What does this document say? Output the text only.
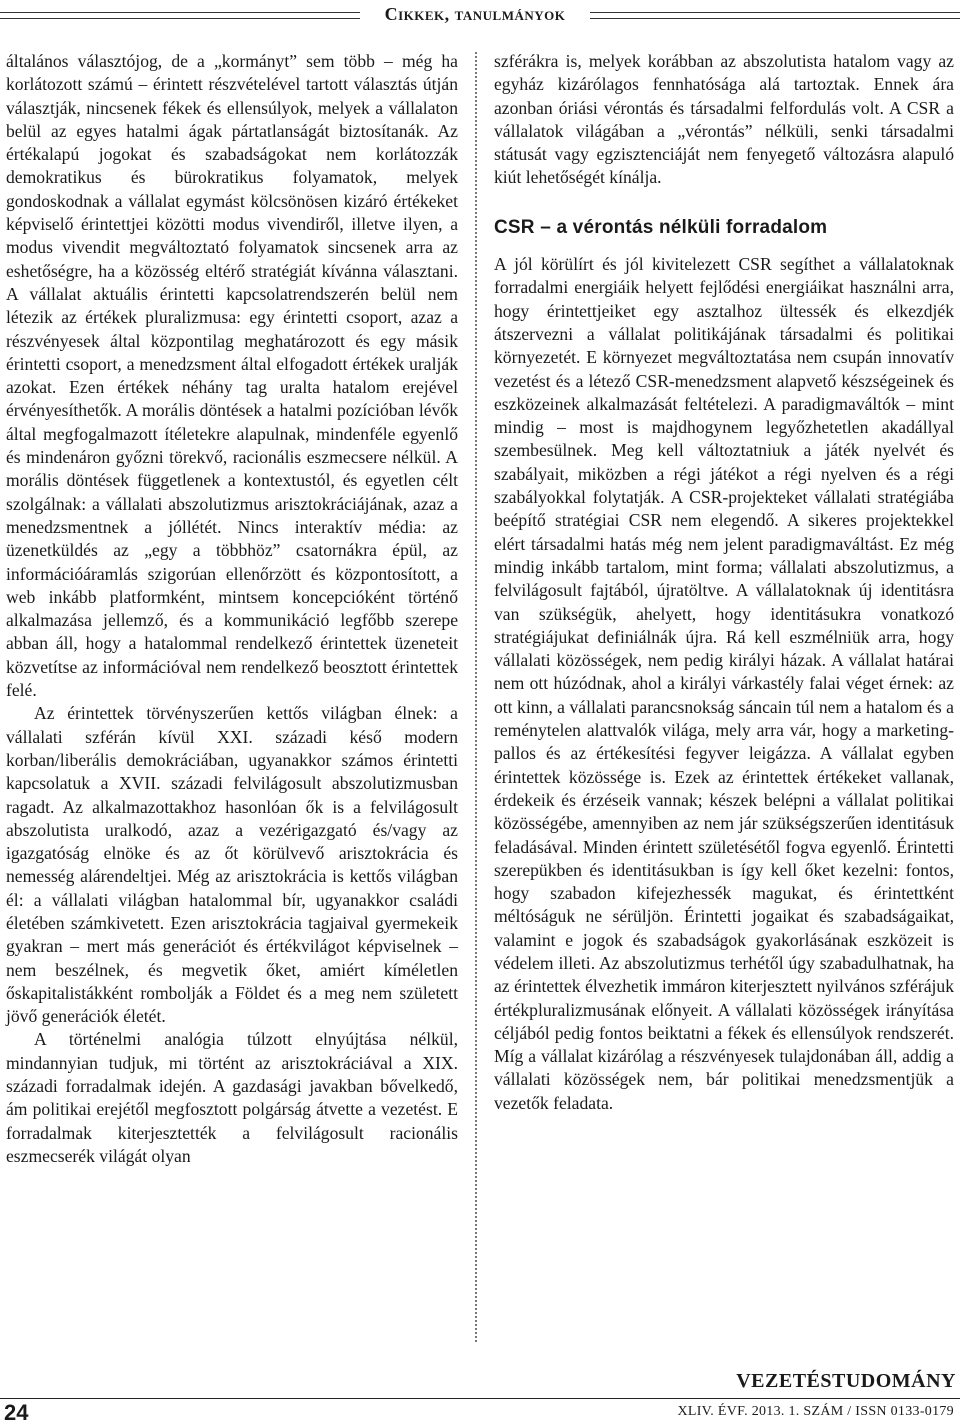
Cikkek, tanulmányok

általános választójog, de a „kormányt” sem több – még ha korlátozott számú – érintett részvételével tartott választás útján választják, nincsenek fékek és ellensúlyok, melyek a vállalaton belül az egyes hatalmi ágak pártatlanságát biztosítanák. Az értékalapú jogokat és szabadságokat nem korlátozzák demokratikus és bürokratikus folyamatok, melyek gondoskodnak a vállalat egymást kölcsönösen kizáró értékeket képviselő érintettjei közötti modus vivendiről, illetve ilyen, a modus vivendit megváltoztató folyamatok sincsenek arra az eshetőségre, ha a közösség eltérő stratégiát kívánna választani. A vállalat aktuális érintetti kapcsolatrendszerén belül nem létezik az értékek pluralizmusa: egy érintetti csoport, azaz a részvényesek által központilag meghatározott és egy másik érintetti csoport, a menedzsment által elfogadott értékek uralják azokat. Ezen értékek néhány tag uralta hatalom erejével érvényesíthetők. A morális döntések a hatalmi pozícióban lévők által megfogalmazott ítéletekre alapulnak, mindenféle egyenlő és mindenáron győzni törekvő, racionális eszmecsere nélkül. A morális döntések függetlenek a kontextustól, és egyetlen célt szolgálnak: a vállalati abszolutizmus arisztokráciájának, azaz a menedzsmentnek a jóllétét. Nincs interaktív média: az üzenetküldés az „egy a többhöz” csatornákra épül, az információáramlás szigorúan ellenőrzött és központosított, a web inkább platformként, mintsem koncepcióként történő alkalmazása jellemző, és a kommunikáció legfőbb szerepe abban áll, hogy a hatalommal rendelkező érintettek üzeneteit közvetítse az információval nem rendelkező beosztott érintettek felé.

Az érintettek törvényszerűen kettős világban élnek: a vállalati szférán kívül XXI. századi késő modern korban/liberális demokráciában, ugyanakkor számos érintetti kapcsolatuk a XVII. századi felvilágosult abszolutizmusban ragadt. Az alkalmazottakhoz hasonlóan ők is a felvilágosult abszolutista uralkodó, azaz a vezérigazgató és/vagy az igazgatóság elnöke és az őt körülvevő arisztokrácia és nemesség alárendeltjei. Még az arisztokrácia is kettős világban él: a vállalati világban hatalommal bír, ugyanakkor családi életében számkivetett. Ezen arisztokrácia tagjaival gyermekeik gyakran – mert más generációt és értékvilágot képviselnek – nem beszélnek, és megvetik őket, amiért kíméletlen őskapitalistákként rombolják a Földet és a meg nem született jövő generációk életét.

A történelmi analógia túlzott elnyújtása nélkül, mindannyian tudjuk, mi történt az arisztokráciával a XIX. századi forradalmak idején. A gazdasági javakban bővelkedő, ám politikai erejétől megfosztott polgárság átvette a vezetést. E forradalmak kiterjesztették a felvilágosult racionális eszmecserék világát olyan

szférákra is, melyek korábban az abszolutista hatalom vagy az egyház kizárólagos fennhatósága alá tartoztak. Ennek ára azonban óriási vérontás és társadalmi felfordulás volt. A CSR a vállalatok világában a „vérontás” nélküli, senki társadalmi státusát vagy egzisztenciáját nem fenyegető változásra alapuló kiút lehetőségét kínálja.

CSR – a vérontás nélküli forradalom

A jól körülírt és jól kivitelezett CSR segíthet a vállalatoknak forradalmi energiáik helyett fejlődési energiáikat használni arra, hogy érintettjeiket egy asztalhoz ültessék és elkezdjék átszervezni a vállalat politikájának társadalmi és politikai környezetét. E környezet megváltoztatása nem csupán innovatív vezetést és a létező CSR-menedzsment alapvető készségeinek és eszközeinek alkalmazását feltételezi. A paradigmaváltók – mint mindig – most is majdhogynem legyőzhetetlen akadállyal szembesülnek. Meg kell változtatniuk a játék nyelvét és szabályait, miközben a régi játékot a régi nyelven és a régi szabályokkal folytatják. A CSR-projekteket vállalati stratégiába beépítő stratégiai CSR nem elegendő. A sikeres projektekkel elért társadalmi hatás még nem jelent paradigmaváltást. Ez még mindig inkább tartalom, mint forma; vállalati abszolutizmus, a felvilágosult fajtából, újratöltve. A vállalatoknak új identitásra van szükségük, ahelyett, hogy identitásukra vonatkozó stratégiájukat definiálnák újra. Rá kell eszmélniük arra, hogy vállalati közösségek, nem pedig királyi házak. A vállalat határai nem ott húzódnak, ahol a királyi várkastély falai véget érnek: az ott kinn, a vállalati parancsnokság sáncain túl nem a hatalom és a reménytelen alattvalók világa, mely arra vár, hogy a marketing-pallos és az értékesítési fegyver leigázza. A vállalat egyben érintettek közössége is. Ezek az érintettek értékeket vallanak, érdekeik és érzéseik vannak; készek belépni a vállalat politikai közösségébe, amennyiben az nem jár szükségszerűen identitásuk feladásával. Minden érintett születésétől fogva egyenlő. Érintetti szerepükben és identitásukban is így kell őket kezelni: fontos, hogy szabadon kifejezhessék magukat, és érintettként méltóságuk ne sérüljön. Érintetti jogaikat és szabadságaikat, valamint e jogok és szabadságok gyakorlásának eszközeit is védelem illeti. Az abszolutizmus terhétől úgy szabadulhatnak, ha az érintettek élvezhetik immáron kiterjesztett nyilvános szférájuk értékpluralizmusának előnyeit. A vállalati közösségek irányítása céljából pedig fontos beiktatni a fékek és ellensúlyok rendszerét. Míg a vállalat kizárólag a részvényesek tulajdonában áll, addig a vállalati közösségek nem, bár politikai menedzsmentjük a vezetők feladata.

VEZETÉSTUDOMÁNY
24	XLIV. ÉVF. 2013. 1. SZÁM / ISSN 0133-0179
